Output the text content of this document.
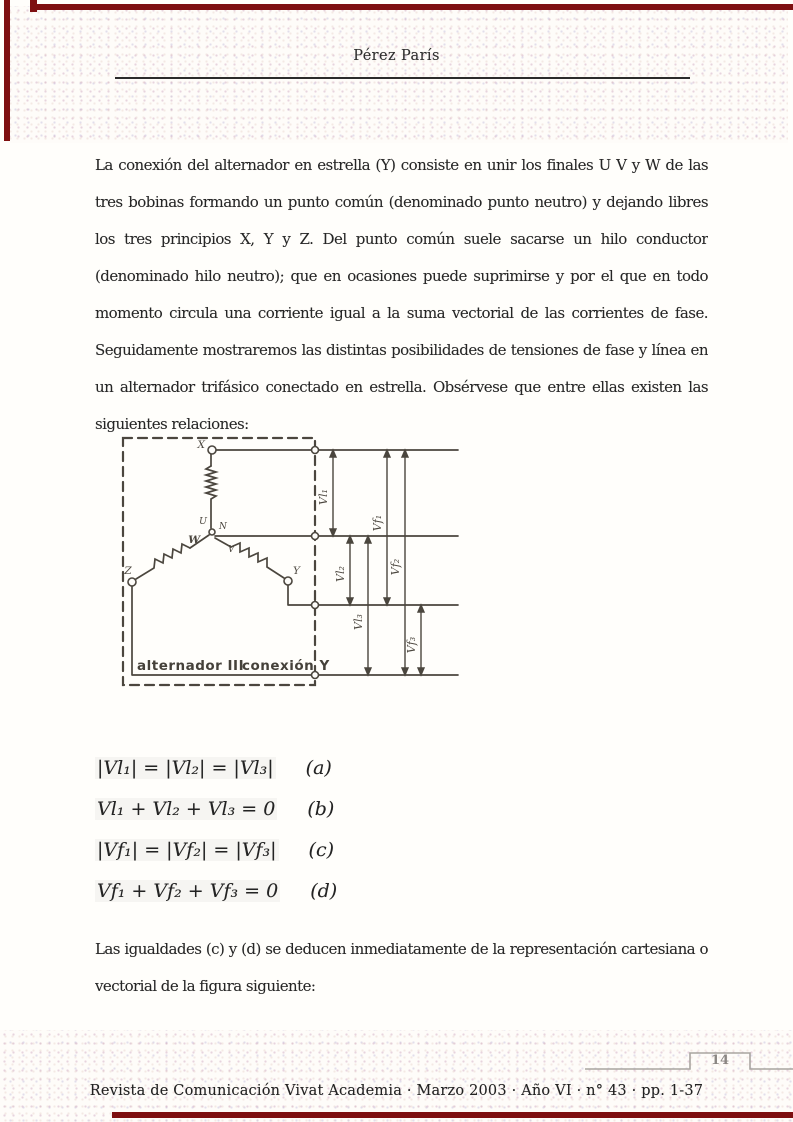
Pérez París
La conexión del alternador en estrella (Y) consiste en unir los finales U V y W de las
tres bobinas formando un punto común (denominado punto neutro) y dejando libres
los tres principios X, Y y Z. Del punto común suele sacarse un hilo conductor
(denominado hilo neutro); que en ocasiones puede suprimirse y por el que en todo
momento circula una corriente igual a la suma vectorial de las corrientes de fase.
Seguidamente mostraremos las distintas posibilidades de tensiones de fase y línea en
un alternador trifásico conectado en estrella. Obsérvese que entre ellas existen las
siguientes relaciones:
X
U N
W
V
Z	Y
Vl₁
Vl₂
Vl₃
Vf₁
Vf₂
Vf₃
alternador III
conexión Y
|Vl₁| = |Vl₂| = |Vl₃| (a)
Vl₁ + Vl₂ + Vl₃ = 0 (b)
|Vf₁| = |Vf₂| = |Vf₃| (c)
Vf₁ + Vf₂ + Vf₃ = 0 (d)
Las igualdades (c) y (d) se deducen inmediatamente de la representación cartesiana o
vectorial de la figura siguiente:
14
Revista de Comunicación Vivat Academia · Marzo 2003 · Año VI · n° 43 · pp. 1-37
